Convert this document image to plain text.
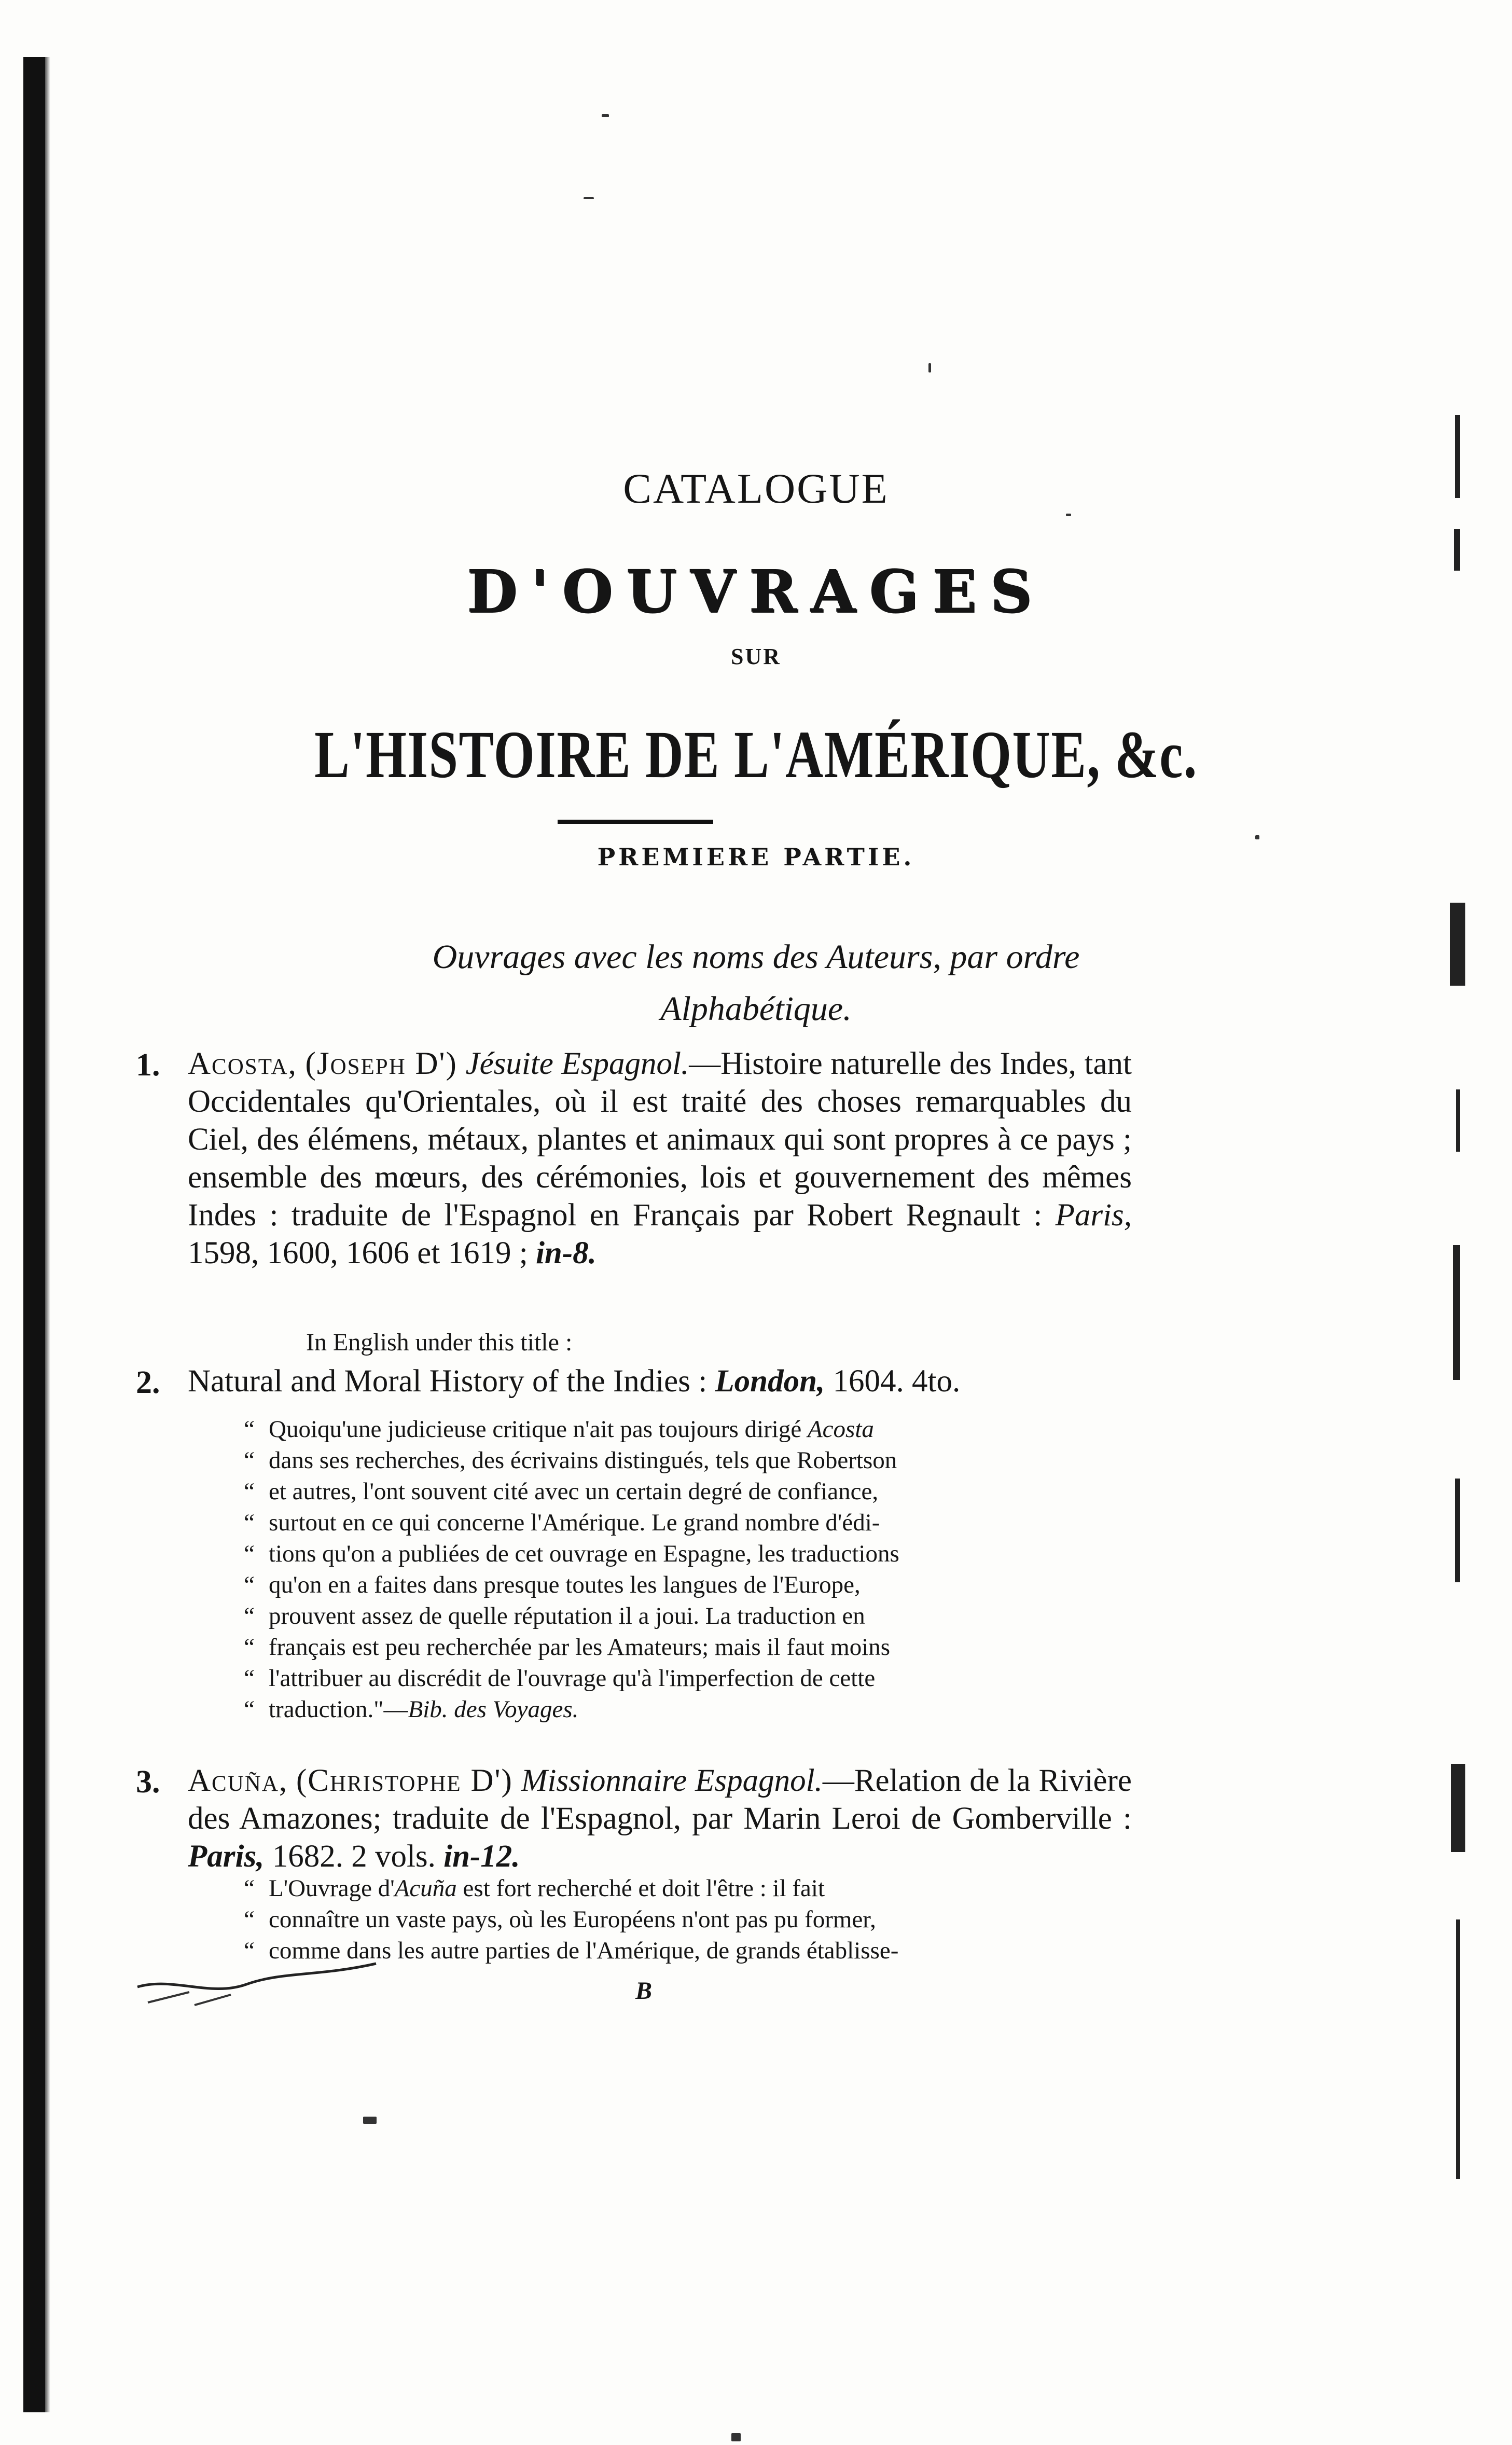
CATALOGUE
D'OUVRAGES
SUR
L'HISTOIRE DE L'AMÉRIQUE, &c.
PREMIERE PARTIE.
Ouvrages avec les noms des Auteurs, par ordre
Alphabétique.
1. Acosta, (Joseph D') Jésuite Espagnol.—Histoire naturelle des Indes, tant Occidentales qu'Orientales, où il est traité des choses remarquables du Ciel, des élémens, métaux, plantes et animaux qui sont propres à ce pays ; ensemble des mœurs, des cérémonies, lois et gouvernement des mêmes Indes : traduite de l'Espagnol en Français par Robert Regnault : Paris, 1598, 1600, 1606 et 1619 ; in-8.
In English under this title :
2. Natural and Moral History of the Indies : London, 1604. 4to.
“ Quoiqu'une judicieuse critique n'ait pas toujours dirigé Acosta
“ dans ses recherches, des écrivains distingués, tels que Robertson
“ et autres, l'ont souvent cité avec un certain degré de confiance,
“ surtout en ce qui concerne l'Amérique. Le grand nombre d'édi-
“ tions qu'on a publiées de cet ouvrage en Espagne, les traductions
“ qu'on en a faites dans presque toutes les langues de l'Europe,
“ prouvent assez de quelle réputation il a joui. La traduction en
“ français est peu recherchée par les Amateurs; mais il faut moins
“ l'attribuer au discrédit de l'ouvrage qu'à l'imperfection de cette
“ traduction."—Bib. des Voyages.
3. Acuña, (Christophe D') Missionnaire Espagnol.—Relation de la Rivière des Amazones; traduite de l'Espagnol, par Marin Leroi de Gomberville : Paris, 1682. 2 vols. in-12.
“ L'Ouvrage d'Acuña est fort recherché et doit l'être : il fait
“ connaître un vaste pays, où les Européens n'ont pas pu former,
“ comme dans les autre parties de l'Amérique, de grands établisse-
B
